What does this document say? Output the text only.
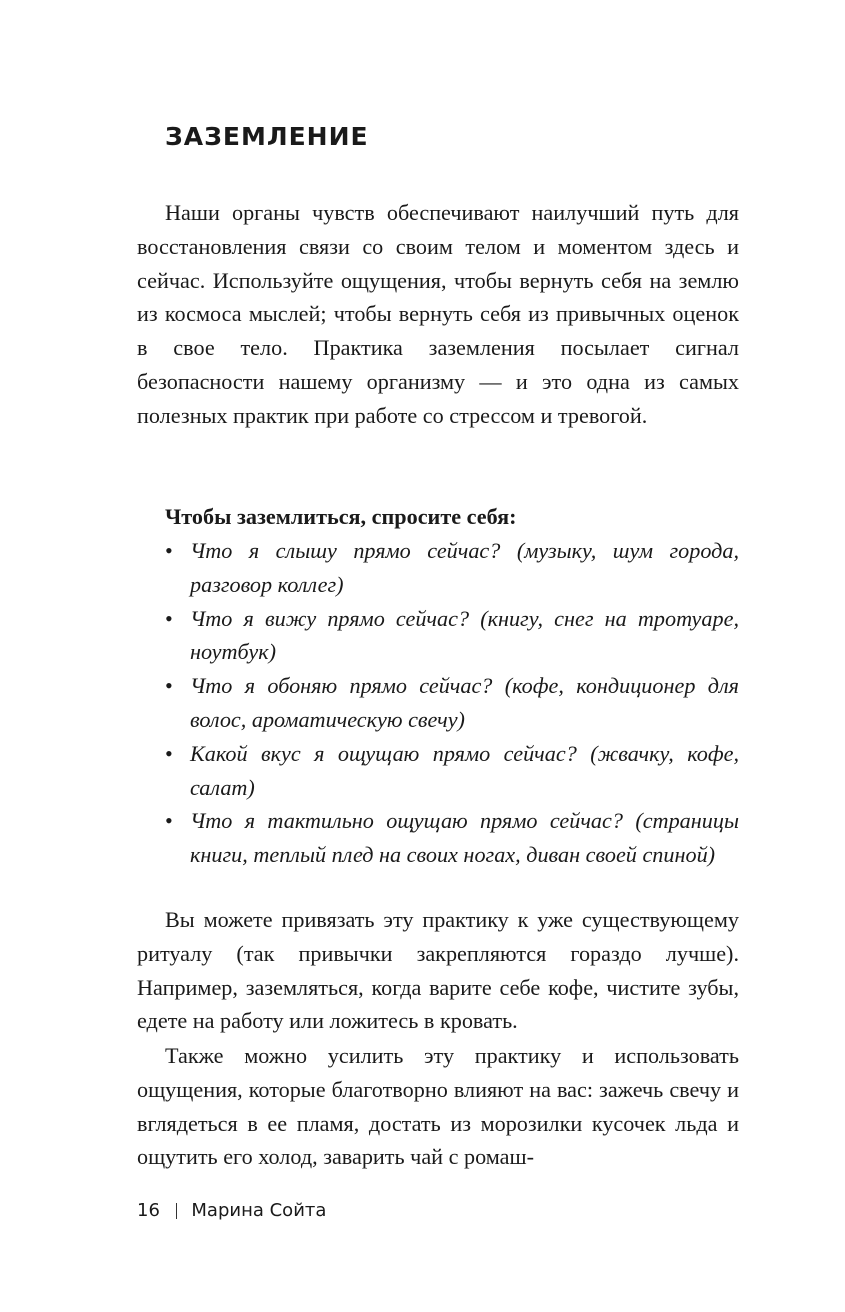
ЗАЗЕМЛЕНИЕ

Наши органы чувств обеспечивают наилучший путь для восстановления связи со своим телом и моментом здесь и сейчас. Используйте ощущения, чтобы вернуть себя на землю из космоса мыслей; чтобы вернуть себя из привычных оценок в свое тело. Практика заземления посылает сигнал безопасности нашему организму — и это одна из самых полезных практик при работе со стрессом и тревогой.

Чтобы заземлиться, спросите себя:
• Что я слышу прямо сейчас? (музыку, шум города, разговор коллег)
• Что я вижу прямо сейчас? (книгу, снег на тротуаре, ноутбук)
• Что я обоняю прямо сейчас? (кофе, кондиционер для волос, ароматическую свечу)
• Какой вкус я ощущаю прямо сейчас? (жвачку, кофе, салат)
• Что я тактильно ощущаю прямо сейчас? (страницы книги, теплый плед на своих ногах, диван своей спиной)

Вы можете привязать эту практику к уже существующему ритуалу (так привычки закрепляются гораздо лучше). Например, заземляться, когда варите себе кофе, чистите зубы, едете на работу или ложитесь в кровать.

Также можно усилить эту практику и использовать ощущения, которые благотворно влияют на вас: зажечь свечу и вглядеться в ее пламя, достать из морозилки кусочек льда и ощутить его холод, заварить чай с ромаш-

16 Марина Сойта
